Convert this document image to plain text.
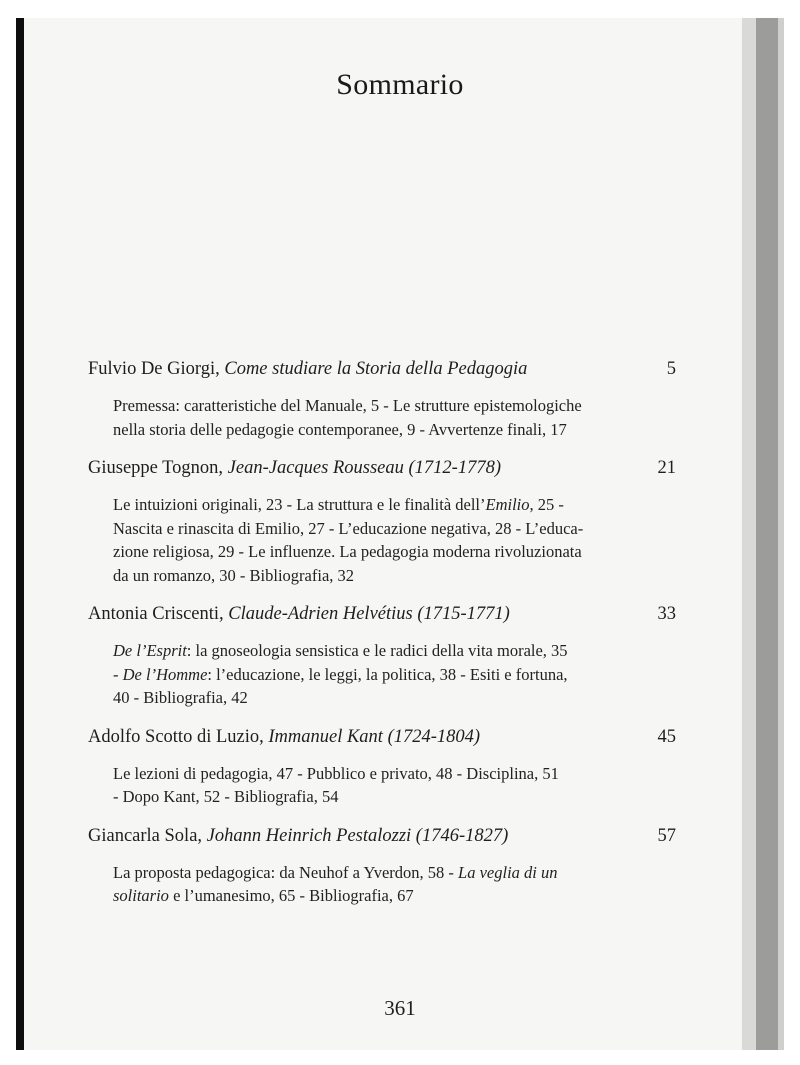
Sommario
Fulvio De Giorgi, Come studiare la Storia della Pedagogia	5
Premessa: caratteristiche del Manuale, 5 - Le strutture epistemologiche
nella storia delle pedagogie contemporanee, 9 - Avvertenze finali, 17
Giuseppe Tognon, Jean-Jacques Rousseau (1712-1778)	21
Le intuizioni originali, 23 - La struttura e le finalità dell’Emilio, 25 -
Nascita e rinascita di Emilio, 27 - L’educazione negativa, 28 - L’educa-
zione religiosa, 29 - Le influenze. La pedagogia moderna rivoluzionata
da un romanzo, 30 - Bibliografia, 32
Antonia Criscenti, Claude-Adrien Helvétius (1715-1771)	33
De l’Esprit: la gnoseologia sensistica e le radici della vita morale, 35
- De l’Homme: l’educazione, le leggi, la politica, 38 - Esiti e fortuna,
40 - Bibliografia, 42
Adolfo Scotto di Luzio, Immanuel Kant (1724-1804)	45
Le lezioni di pedagogia, 47 - Pubblico e privato, 48 - Disciplina, 51
- Dopo Kant, 52 - Bibliografia, 54
Giancarla Sola, Johann Heinrich Pestalozzi (1746-1827)	57
La proposta pedagogica: da Neuhof a Yverdon, 58 - La veglia di un
solitario e l’umanesimo, 65 - Bibliografia, 67
361
